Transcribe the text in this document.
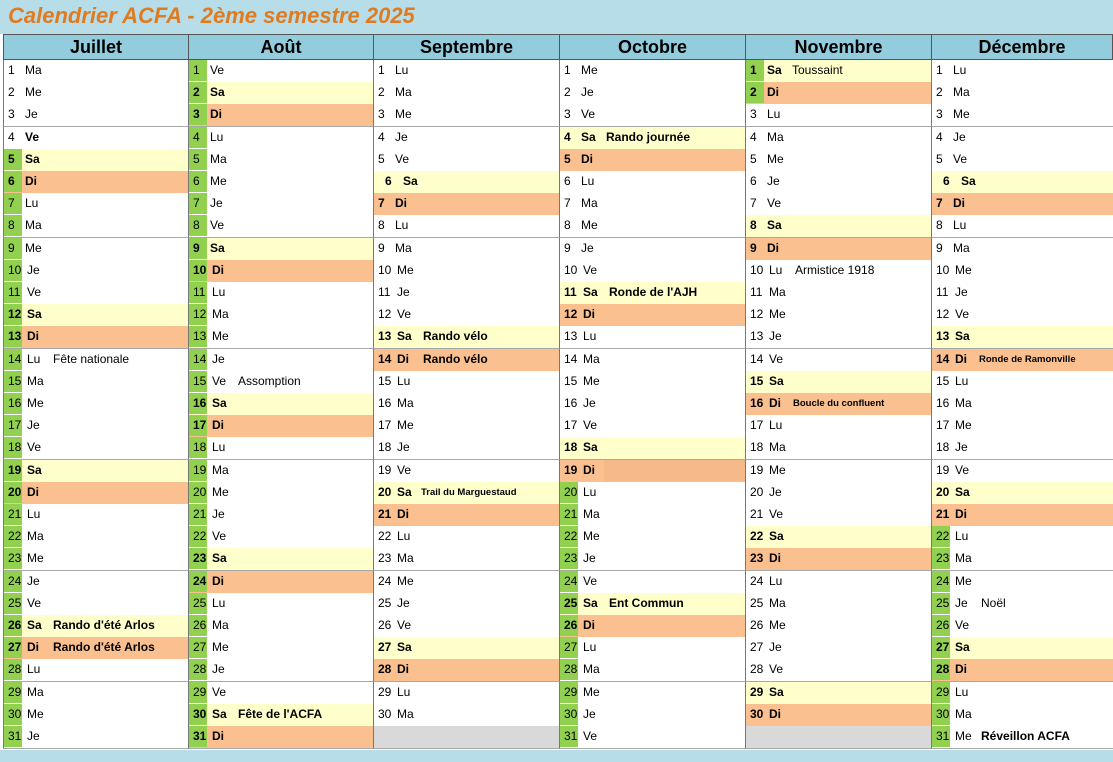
Calendrier ACFA - 2ème semestre 2025
Juillet
1 Ma
2 Me
3 Je
4 Ve
5 Sa
6 Di
7 Lu
8 Ma
9 Me
10 Je
11 Ve
12 Sa
13 Di
14 Lu Fête nationale
15 Ma
16 Me
17 Je
18 Ve
19 Sa
20 Di
21 Lu
22 Ma
23 Me
24 Je
25 Ve
26 Sa Rando d'été Arlos
27 Di Rando d'été Arlos
28 Lu
29 Ma
30 Me
31 Je
Août
1 Ve
2 Sa
3 Di
4 Lu
5 Ma
6 Me
7 Je
8 Ve
9 Sa
10 Di
11 Lu
12 Ma
13 Me
14 Je
15 Ve Assomption
16 Sa
17 Di
18 Lu
19 Ma
20 Me
21 Je
22 Ve
23 Sa
24 Di
25 Lu
26 Ma
27 Me
28 Je
29 Ve
30 Sa Fête de l'ACFA
31 Di
Septembre
1 Lu
2 Ma
3 Me
4 Je
5 Ve
6 Sa
7 Di
8 Lu
9 Ma
10 Me
11 Je
12 Ve
13 Sa Rando vélo
14 Di Rando vélo
15 Lu
16 Ma
17 Me
18 Je
19 Ve
20 Sa Trail du Marguestaud
21 Di
22 Lu
23 Ma
24 Me
25 Je
26 Ve
27 Sa
28 Di
29 Lu
30 Ma
Octobre
1 Me
2 Je
3 Ve
4 Sa Rando journée
5 Di
6 Lu
7 Ma
8 Me
9 Je
10 Ve
11 Sa Ronde de l'AJH
12 Di
13 Lu
14 Ma
15 Me
16 Je
17 Ve
18 Sa
19 Di
20 Lu
21 Ma
22 Me
23 Je
24 Ve
25 Sa Ent Commun
26 Di
27 Lu
28 Ma
29 Me
30 Je
31 Ve
Novembre
1 Sa Toussaint
2 Di
3 Lu
4 Ma
5 Me
6 Je
7 Ve
8 Sa
9 Di
10 Lu Armistice 1918
11 Ma
12 Me
13 Je
14 Ve
15 Sa
16 Di Boucle du confluent
17 Lu
18 Ma
19 Me
20 Je
21 Ve
22 Sa
23 Di
24 Lu
25 Ma
26 Me
27 Je
28 Ve
29 Sa
30 Di
Décembre
1 Lu
2 Ma
3 Me
4 Je
5 Ve
6 Sa
7 Di
8 Lu
9 Ma
10 Me
11 Je
12 Ve
13 Sa
14 Di Ronde de Ramonville
15 Lu
16 Ma
17 Me
18 Je
19 Ve
20 Sa
21 Di
22 Lu
23 Ma
24 Me
25 Je Noël
26 Ve
27 Sa
28 Di
29 Lu
30 Ma
31 Me Réveillon ACFA
